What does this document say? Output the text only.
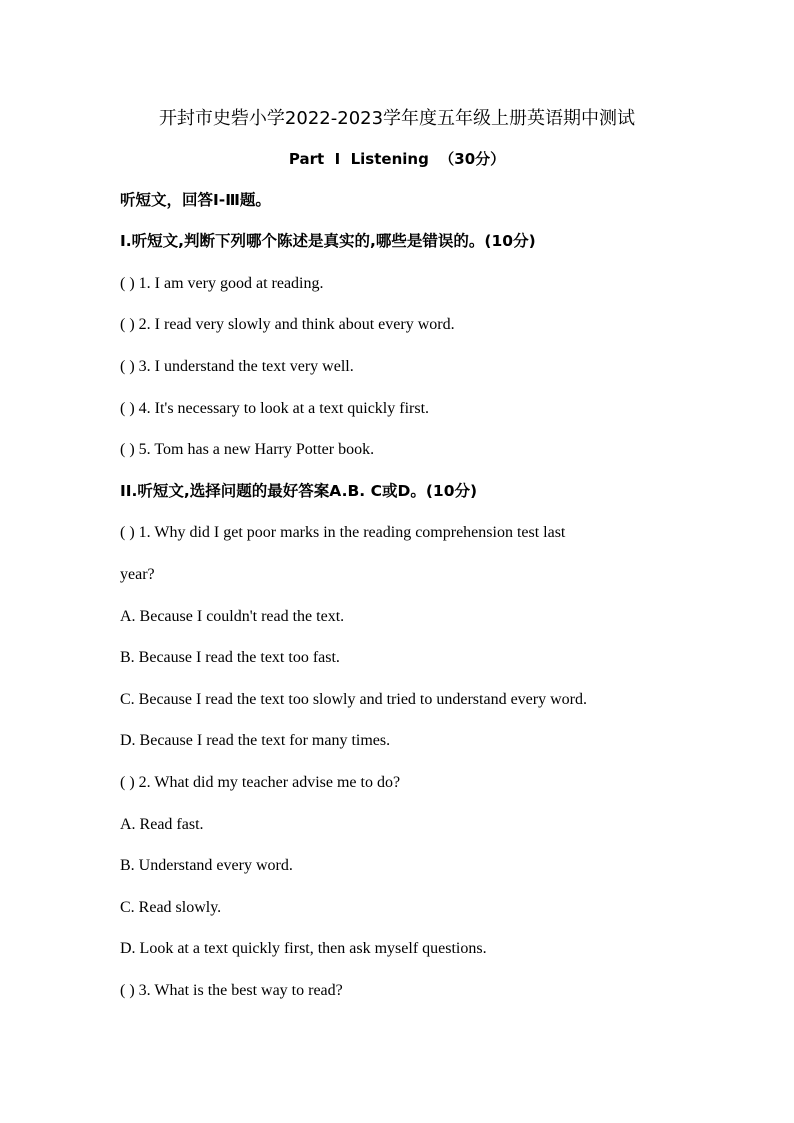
开封市史砦小学2022-2023学年度五年级上册英语期中测试
Part  I  Listening  （30分）
听短文，回答Ⅰ-Ⅲ题。
I.听短文,判断下列哪个陈述是真实的,哪些是错误的。(10分)
( ) 1. I am very good at reading.
( ) 2. I read very slowly and think about every word.
( ) 3. I understand the text very well.
( ) 4. It's necessary to look at a text quickly first.
( ) 5. Tom has a new Harry Potter book.
II.听短文,选择问题的最好答案A.B. C或D。(10分)
( ) 1. Why did I get poor marks in the reading comprehension test last
year?
A. Because I couldn't read the text.
B. Because I read the text too fast.
C. Because I read the text too slowly and tried to understand every word.
D. Because I read the text for many times.
( ) 2. What did my teacher advise me to do?
A. Read fast.
B. Understand every word.
C. Read slowly.
D. Look at a text quickly first, then ask myself questions.
( ) 3. What is the best way to read?
